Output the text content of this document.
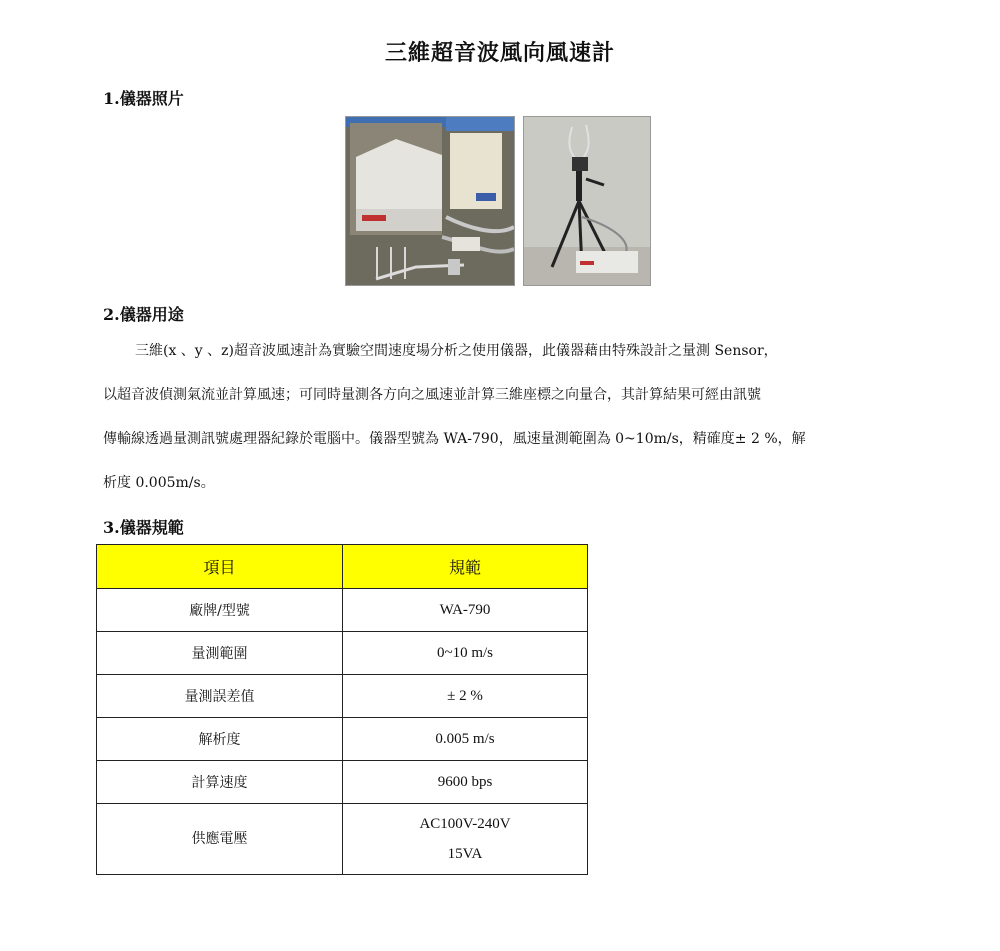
三維超音波風向風速計
1.儀器照片
2.儀器用途

三維(x 、y 、z)超音波風速計為實驗空間速度場分析之使用儀器，此儀器藉由特殊設計之量測 Sensor，

以超音波偵測氣流並計算風速；可同時量測各方向之風速並計算三維座標之向量合，其計算結果可經由訊號

傳輸線透過量測訊號處理器紀錄於電腦中。儀器型號為 WA-790，風速量測範圍為 0~10m/s，精確度± 2 %，解

析度 0.005m/s。

3.儀器規範
項目	規範
廠牌/型號	WA-790
量測範圍	0~10 m/s
量測誤差值	± 2 %
解析度	0.005 m/s
計算速度	9600 bps
供應電壓	AC100V-240V
15VA
